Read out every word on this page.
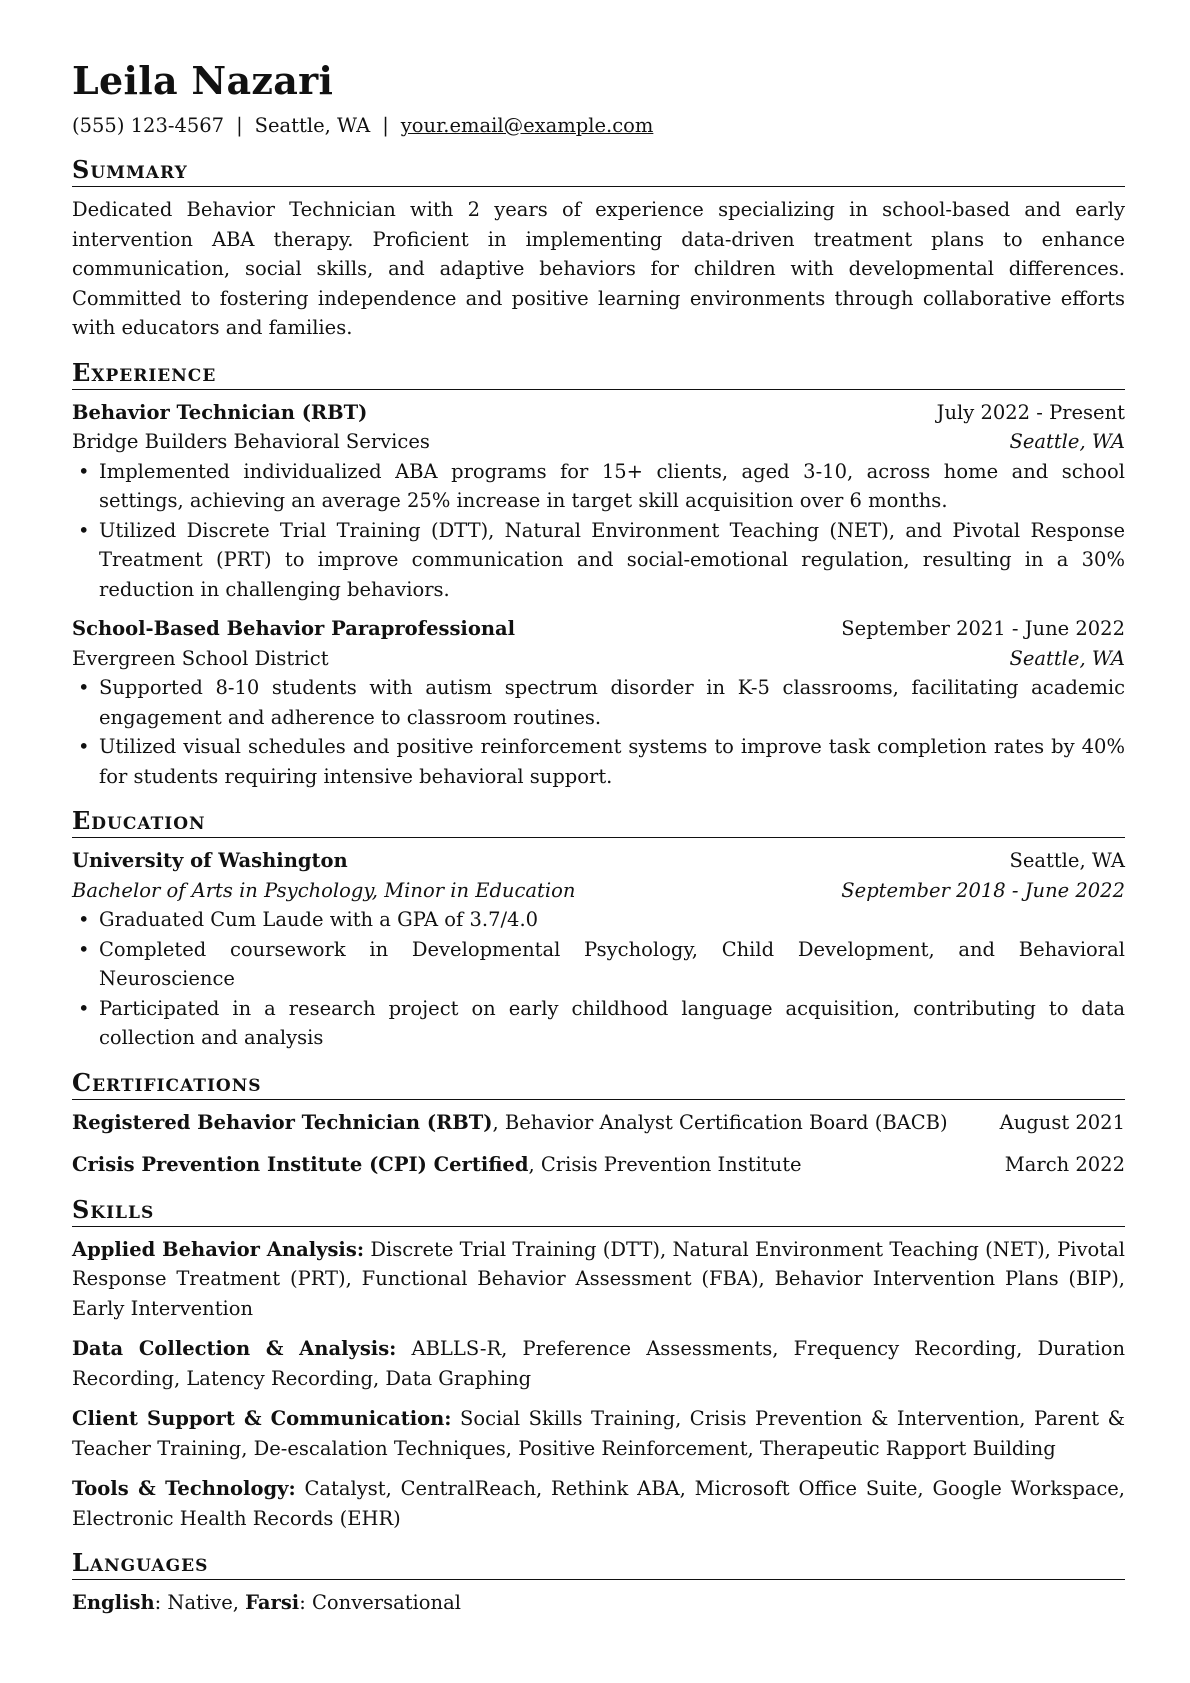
Leila Nazari
(555) 123-4567 | Seattle, WA | your.email@example.com
Summary
Dedicated Behavior Technician with 2 years of experience specializing in school-based and early intervention ABA therapy. Proficient in implementing data-driven treatment plans to enhance communication, social skills, and adaptive behaviors for children with developmental differences. Committed to fostering independence and positive learning environments through collaborative efforts with educators and families.
Experience
Behavior Technician (RBT)	July 2022 - Present
Bridge Builders Behavioral Services	Seattle, WA
• Implemented individualized ABA programs for 15+ clients, aged 3-10, across home and school settings, achieving an average 25% increase in target skill acquisition over 6 months.
• Utilized Discrete Trial Training (DTT), Natural Environment Teaching (NET), and Pivotal Response Treatment (PRT) to improve communication and social-emotional regulation, resulting in a 30% reduction in challenging behaviors.
School-Based Behavior Paraprofessional	September 2021 - June 2022
Evergreen School District	Seattle, WA
• Supported 8-10 students with autism spectrum disorder in K-5 classrooms, facilitating academic engagement and adherence to classroom routines.
• Utilized visual schedules and positive reinforcement systems to improve task completion rates by 40% for students requiring intensive behavioral support.
Education
University of Washington	Seattle, WA
Bachelor of Arts in Psychology, Minor in Education	September 2018 - June 2022
• Graduated Cum Laude with a GPA of 3.7/4.0
• Completed coursework in Developmental Psychology, Child Development, and Behavioral Neuroscience
• Participated in a research project on early childhood language acquisition, contributing to data collection and analysis
Certifications
Registered Behavior Technician (RBT), Behavior Analyst Certification Board (BACB)	August 2021
Crisis Prevention Institute (CPI) Certified, Crisis Prevention Institute	March 2022
Skills
Applied Behavior Analysis: Discrete Trial Training (DTT), Natural Environment Teaching (NET), Pivotal Response Treatment (PRT), Functional Behavior Assessment (FBA), Behavior Intervention Plans (BIP), Early Intervention
Data Collection & Analysis: ABLLS-R, Preference Assessments, Frequency Recording, Duration Recording, Latency Recording, Data Graphing
Client Support & Communication: Social Skills Training, Crisis Prevention & Intervention, Parent & Teacher Training, De-escalation Techniques, Positive Reinforcement, Therapeutic Rapport Building
Tools & Technology: Catalyst, CentralReach, Rethink ABA, Microsoft Office Suite, Google Workspace, Electronic Health Records (EHR)
Languages
English: Native, Farsi: Conversational
